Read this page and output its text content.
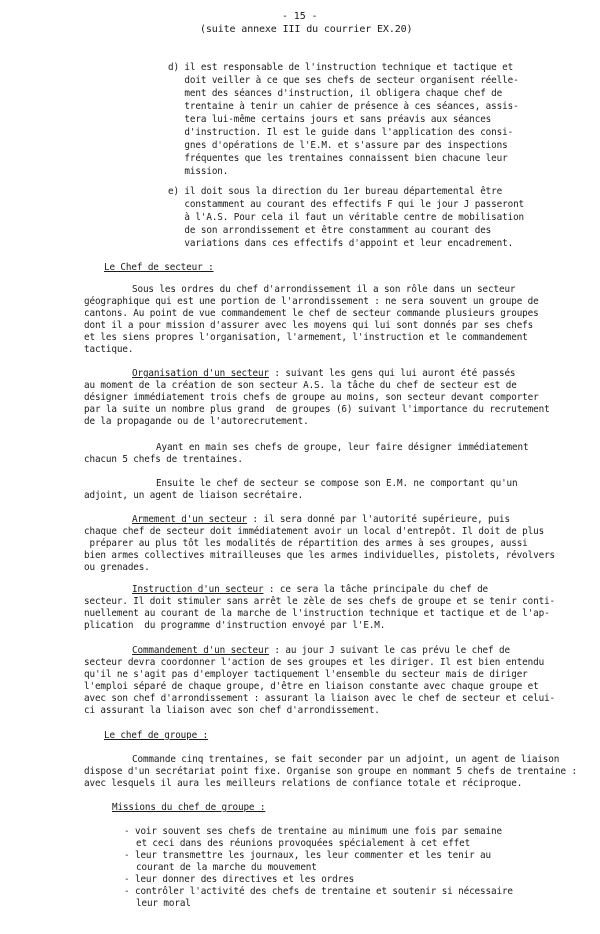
- 15 -

(suite annexe III du courrier EX.20)

d) il est responsable de l'instruction technique et tactique et

doit veiller à ce que ses chefs de secteur organisent réelle-

ment des séances d'instruction, il obligera chaque chef de

trentaine à tenir un cahier de présence à ces séances, assis-

tera lui-même certains jours et sans préavis aux séances

d'instruction. Il est le guide dans l'application des consi-

gnes d'opérations de l'E.M. et s'assure par des inspections

fréquentes que les trentaines connaissent bien chacune leur

mission.

e) il doit sous la direction du 1er bureau départemental être

constamment au courant des effectifs F qui le jour J passeront

à l'A.S. Pour cela il faut un véritable centre de mobilisation

de son arrondissement et être constamment au courant des

variations dans ces effectifs d'appoint et leur encadrement.

Le Chef de secteur :

Sous les ordres du chef d'arrondissement il a son rôle dans un secteur

géographique qui est une portion de l'arrondissement : ne sera souvent un groupe de

cantons. Au point de vue commandement le chef de secteur commande plusieurs groupes

dont il a pour mission d'assurer avec les moyens qui lui sont donnés par ses chefs

et les siens propres l'organisation, l'armement, l'instruction et le commandement

tactique.

Organisation d'un secteur : suivant les gens qui lui auront été passés

au moment de la création de son secteur A.S. la tâche du chef de secteur est de

désigner immédiatement trois chefs de groupe au moins, son secteur devant comporter

par la suite un nombre plus grand  de groupes (6) suivant l'importance du recrutement

de la propagande ou de l'autorecrutement.

Ayant en main ses chefs de groupe, leur faire désigner immédiatement

chacun 5 chefs de trentaines.

Ensuite le chef de secteur se compose son E.M. ne comportant qu'un

adjoint, un agent de liaison secrétaire.

Armement d'un secteur : il sera donné par l'autorité supérieure, puis

chaque chef de secteur doit immédiatement avoir un local d'entrepôt. Il doit de plus

préparer au plus tôt les modalités de répartition des armes à ses groupes, aussi

bien armes collectives mitrailleuses que les armes individuelles, pistolets, révolvers

ou grenades.

Instruction d'un secteur : ce sera la tâche principale du chef de

secteur. Il doit stimuler sans arrêt le zèle de ses chefs de groupe et se tenir conti-

nuellement au courant de la marche de l'instruction technique et tactique et de l'ap-

plication  du programme d'instruction envoyé par l'E.M.

Commandement d'un secteur : au jour J suivant le cas prévu le chef de

secteur devra coordonner l'action de ses groupes et les diriger. Il est bien entendu

qu'il ne s'agit pas d'employer tactiquement l'ensemble du secteur mais de diriger

l'emploi séparé de chaque groupe, d'être en liaison constante avec chaque groupe et

avec son chef d'arrondissement : assurant la liaison avec le chef de secteur et celui-

ci assurant la liaison avec son chef d'arrondissement.

Le chef de groupe :

Commande cinq trentaines, se fait seconder par un adjoint, un agent de liaison

dispose d'un secrétariat point fixe. Organise son groupe en nommant 5 chefs de trentaine :

avec lesquels il aura les meilleurs relations de confiance totale et réciproque.

Missions du chef de groupe :

- voir souvent ses chefs de trentaine au minimum une fois par semaine

et ceci dans des réunions provoquées spécialement à cet effet

- leur transmettre les journaux, les leur commenter et les tenir au

courant de la marche du mouvement

- leur donner des directives et les ordres

- contrôler l'activité des chefs de trentaine et soutenir si nécessaire

leur moral
